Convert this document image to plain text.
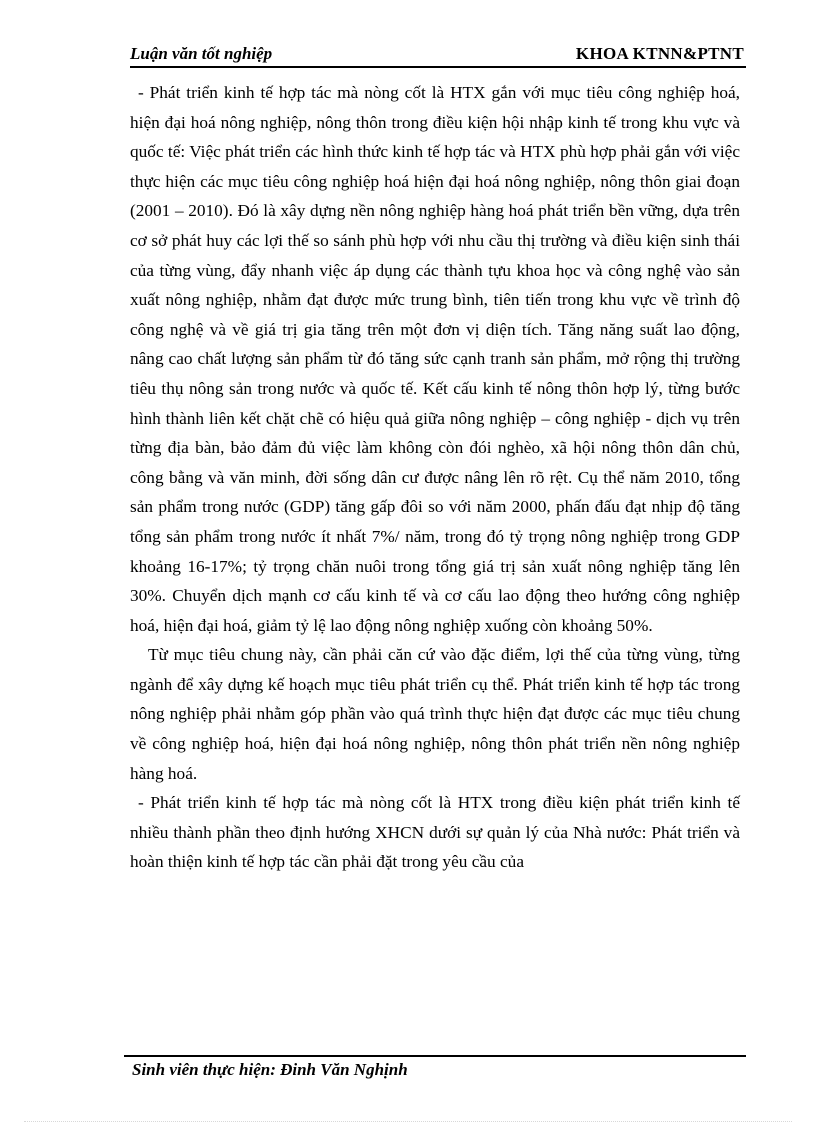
Luận văn tốt nghiệp	KHOA KTNN&PTNT

- Phát triển kinh tế hợp tác mà nòng cốt là HTX gắn với mục tiêu công nghiệp hoá, hiện đại hoá nông nghiệp, nông thôn trong điều kiện hội nhập kinh tế trong khu vực và quốc tế: Việc phát triển các hình thức kinh tế hợp tác và HTX phù hợp phải gắn với việc thực hiện các mục tiêu công nghiệp hoá hiện đại hoá nông nghiệp, nông thôn giai đoạn (2001 – 2010). Đó là xây dựng nền nông nghiệp hàng hoá phát triển bền vững, dựa trên cơ sở phát huy các lợi thế so sánh phù hợp với nhu cầu thị trường và điều kiện sinh thái của từng vùng, đẩy nhanh việc áp dụng các thành tựu khoa học và công nghệ vào sản xuất nông nghiệp, nhằm đạt được mức trung bình, tiên tiến trong khu vực về trình độ công nghệ và về giá trị gia tăng trên một đơn vị diện tích. Tăng năng suất lao động, nâng cao chất lượng sản phẩm từ đó tăng sức cạnh tranh sản phẩm, mở rộng thị trường tiêu thụ nông sản trong nước và quốc tế. Kết cấu kinh tế nông thôn hợp lý, từng bước hình thành liên kết chặt chẽ có hiệu quả giữa nông nghiệp – công nghiệp - dịch vụ trên từng địa bàn, bảo đảm đủ việc làm không còn đói nghèo, xã hội nông thôn dân chủ, công bằng và văn minh, đời sống dân cư được nâng lên rõ rệt. Cụ thể năm 2010, tổng sản phẩm trong nước (GDP) tăng gấp đôi so với năm 2000, phấn đấu đạt nhịp độ tăng tổng sản phẩm trong nước ít nhất 7%/ năm, trong đó tỷ trọng nông nghiệp trong GDP khoảng 16-17%; tỷ trọng chăn nuôi trong tổng giá trị sản xuất nông nghiệp tăng lên 30%. Chuyển dịch mạnh cơ cấu kinh tế và cơ cấu lao động theo hướng công nghiệp hoá, hiện đại hoá, giảm tỷ lệ lao động nông nghiệp xuống còn khoảng 50%.

Từ mục tiêu chung này, cần phải căn cứ vào đặc điểm, lợi thế của từng vùng, từng ngành để xây dựng kế hoạch mục tiêu phát triển cụ thể. Phát triển kinh tế hợp tác trong nông nghiệp phải nhằm góp phần vào quá trình thực hiện đạt được các mục tiêu chung về công nghiệp hoá, hiện đại hoá nông nghiệp, nông thôn phát triển nền nông nghiệp hàng hoá.

- Phát triển kinh tế hợp tác mà nòng cốt là HTX trong điều kiện phát triển kinh tế nhiều thành phần theo định hướng XHCN dưới sự quản lý của Nhà nước: Phát triển và hoàn thiện kinh tế hợp tác cần phải đặt trong yêu cầu của

Sinh viên thực hiện: Đinh Văn Nghịnh
